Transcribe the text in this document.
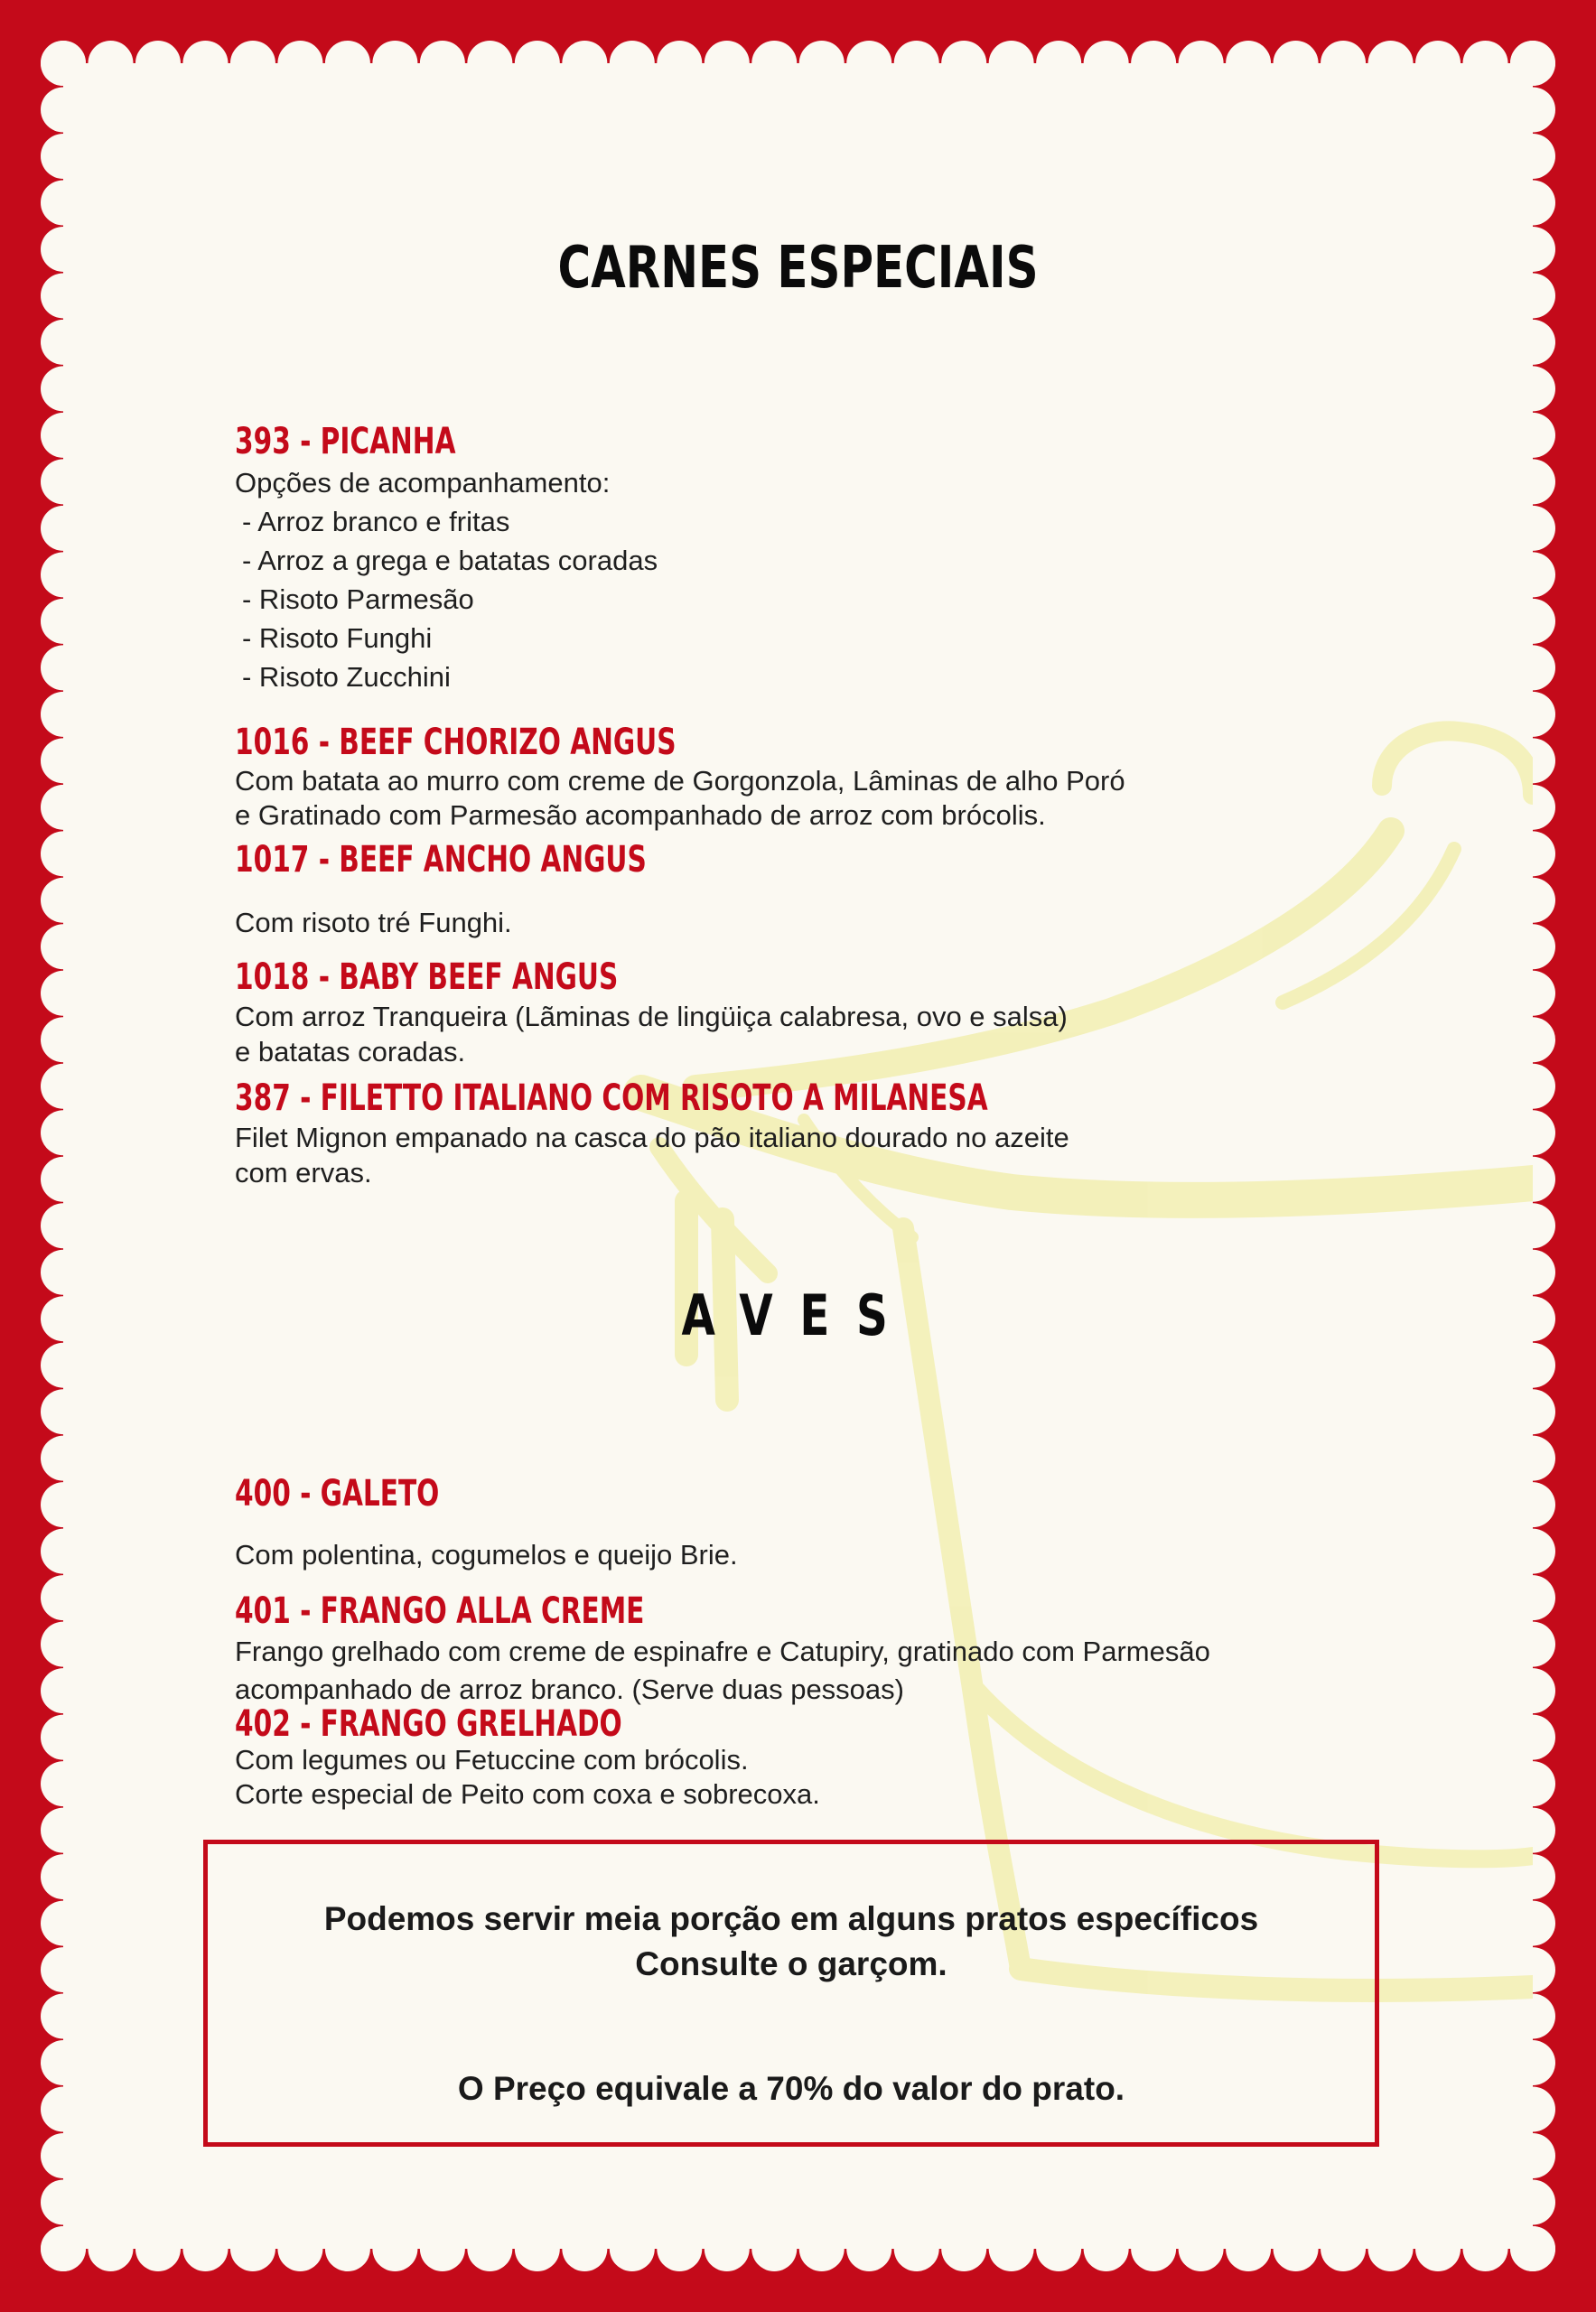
CARNES ESPECIAIS
393 - PICANHA
Opções de acompanhamento:
- Arroz branco e fritas
- Arroz a grega e batatas coradas
- Risoto Parmesão
- Risoto Funghi
- Risoto Zucchini
1016 - BEEF CHORIZO ANGUS
Com batata ao murro com creme de Gorgonzola, Lâminas de alho Poró
e Gratinado com Parmesão acompanhado de arroz com brócolis.
1017 - BEEF ANCHO ANGUS
Com risoto tré Funghi.
1018 - BABY BEEF ANGUS
Com arroz Tranqueira (Lãminas de lingüiça calabresa, ovo e salsa)
e batatas coradas.
387 - FILETTO ITALIANO COM RISOTO A MILANESA
Filet Mignon empanado na casca do pão italiano dourado no azeite
com ervas.
AVES
400 - GALETO
Com polentina, cogumelos e queijo Brie.
401 - FRANGO ALLA CREME
Frango grelhado com creme de espinafre e Catupiry, gratinado com Parmesão
acompanhado de arroz branco. (Serve duas pessoas)
402 - FRANGO GRELHADO
Com legumes ou Fetuccine com brócolis.
Corte especial de Peito com coxa e sobrecoxa.
Podemos servir meia porção em alguns pratos específicos
Consulte o garçom.
O Preço equivale a 70% do valor do prato.
